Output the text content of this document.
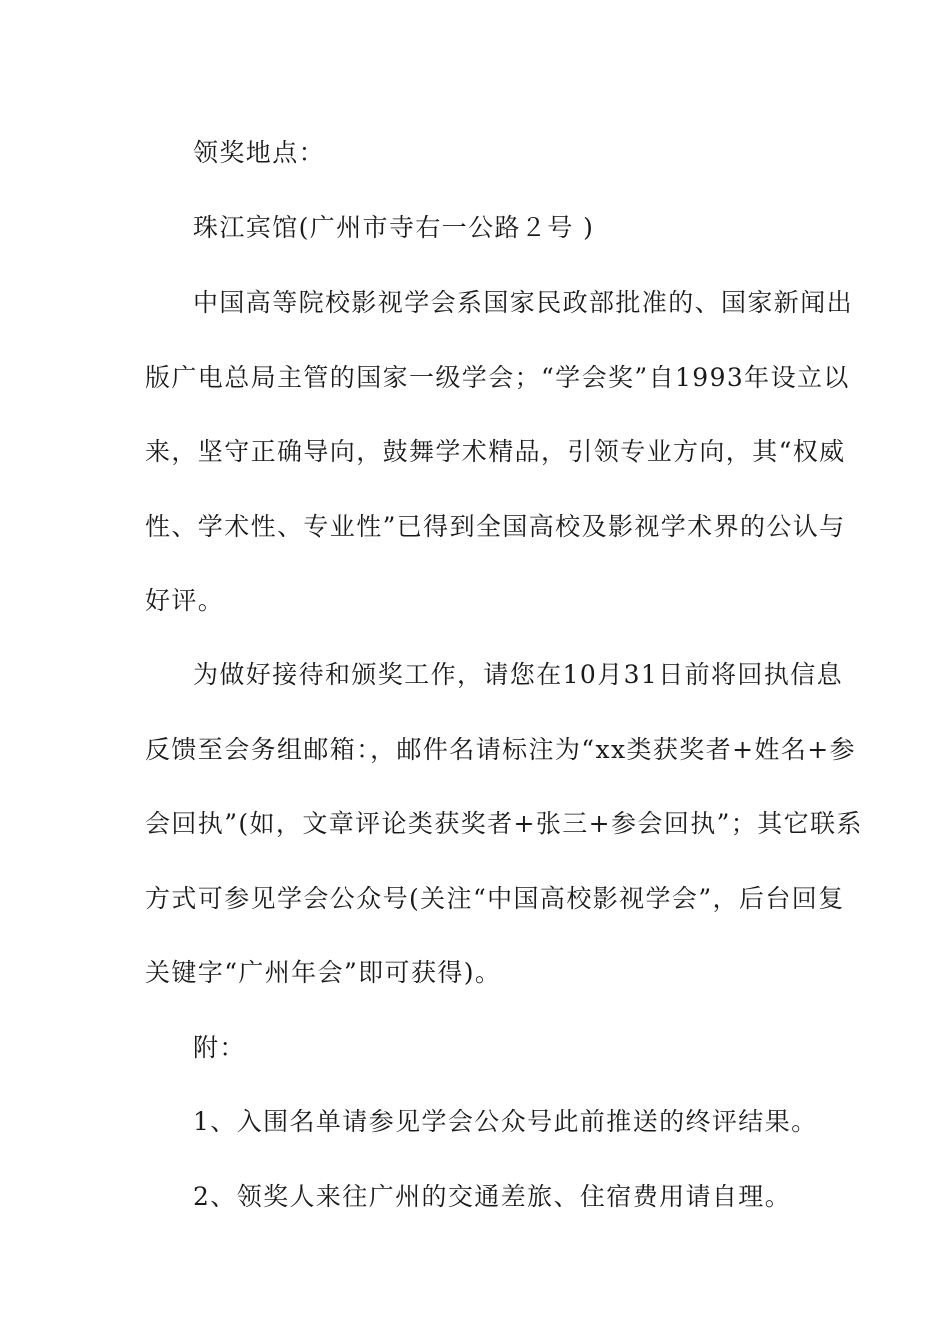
领奖地点：
珠江宾馆(广州市寺右一公路２号 )
中国高等院校影视学会系国家民政部批准的、国家新闻出
版广电总局主管的国家一级学会；“学会奖”自1993年设立以
来，坚守正确导向，鼓舞学术精品，引领专业方向，其“权威
性、学术性、专业性”已得到全国高校及影视学术界的公认与
好评。
为做好接待和颁奖工作，请您在10月31日前将回执信息
反馈至会务组邮箱：，邮件名请标注为“xx类获奖者+姓名+参
会回执”(如，文章评论类获奖者+张三+参会回执”；其它联系
方式可参见学会公众号(关注“中国高校影视学会”，后台回复
关键字“广州年会”即可获得)。
附：
1、入围名单请参见学会公众号此前推送的终评结果。
2、领奖人来往广州的交通差旅、住宿费用请自理。
